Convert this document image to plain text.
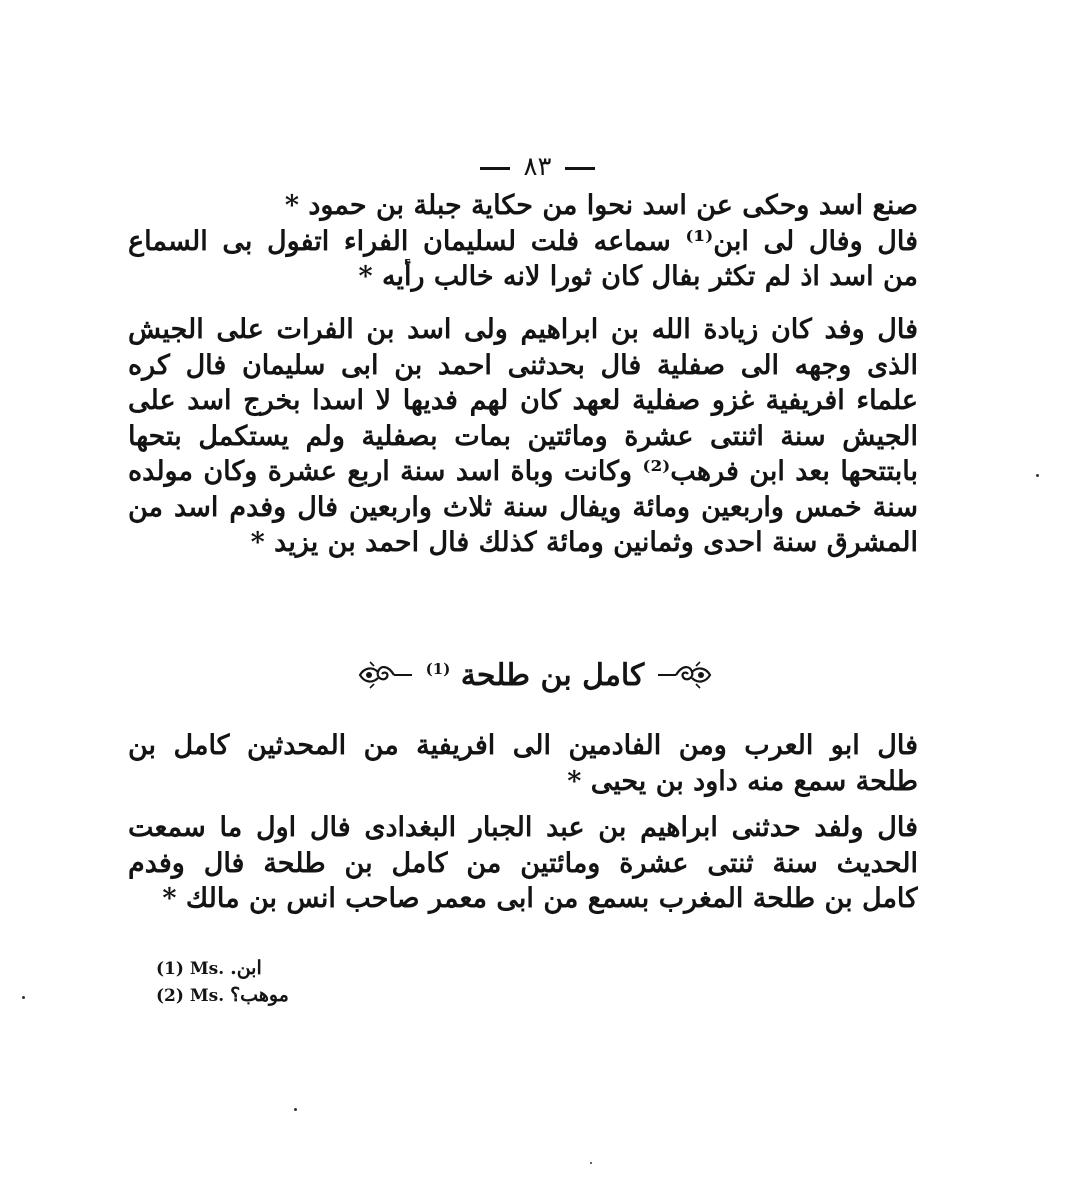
٨٣
صنع اسد وحكى عن اسد نحوا من حكاية جبلة بن حمود *
فال وفال لى ابن⁽¹⁾ سماعه فلت لسليمان الفراء اتفول بى السماع
من اسد اذ لم تكثر بفال كان ثورا لانه خالب رأيه *
فال وفد كان زيادة الله بن ابراهيم ولى اسد بن الفرات على الجيش
الذى وجهه الى صفلية فال بحدثنى احمد بن ابى سليمان فال كره
علماء افريفية غزو صفلية لعهد كان لهم فديها لا اسدا بخرج اسد على
الجيش سنة اثنتى عشرة ومائتين بمات بصفلية ولم يستكمل بتحها
بابتتحها بعد ابن فرهب⁽²⁾ وكانت وباة اسد سنة اربع عشرة وكان مولده
سنة خمس واربعين ومائة ويفال سنة ثلاث واربعين فال وفدم اسد من
المشرق سنة احدى وثمانين ومائة كذلك فال احمد بن يزيد *
كامل بن طلحة $^{(1)}$
فال ابو العرب ومن الفادمين الى افريفية من المحدثين كامل بن
طلحة سمع منه داود بن يحيى *
فال ولفد حدثنى ابراهيم بن عبد الجبار البغدادى فال اول ما سمعت
الحديث سنة ثنتى عشرة ومائتين من كامل بن طلحة فال وفدم
كامل بن طلحة المغرب بسمع من ابى معمر صاحب انس بن مالك *
(1) Ms. ابن.
(2) Ms. موهب؟
